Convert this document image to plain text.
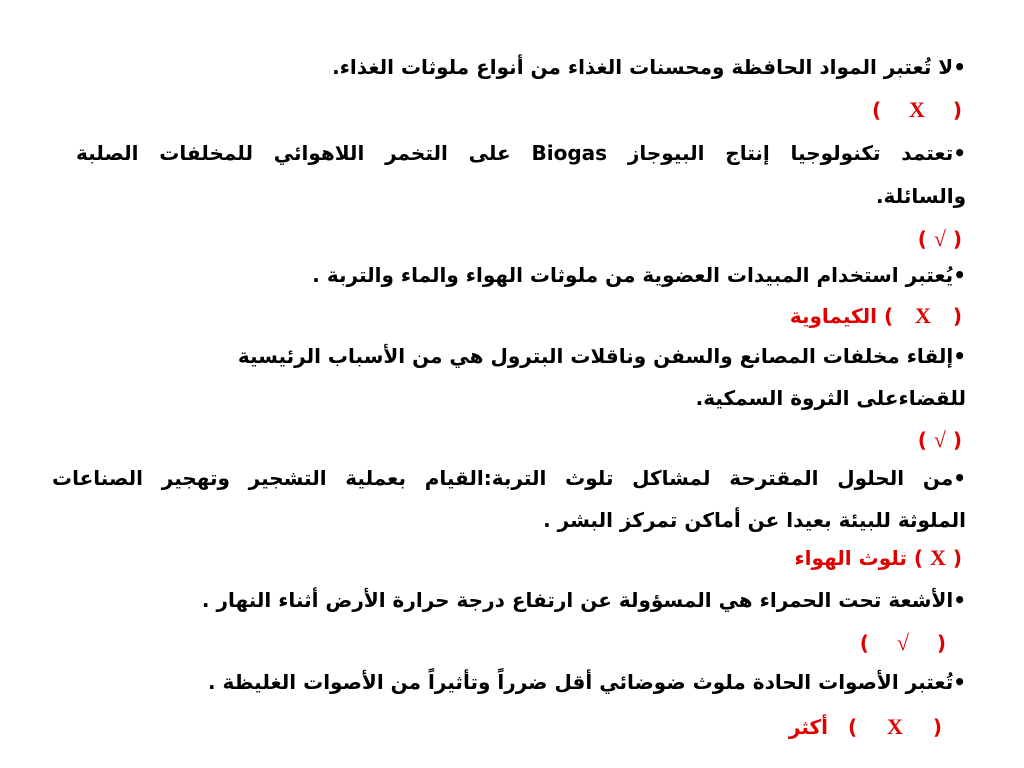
•لا تُعتبر المواد الحافظة ومحسنات الغذاء من أنواع ملوثات الغذاء.
(  X  )
•تعتمد تكنولوجيا إنتاج البيوجاز Biogas على التخمر اللاهوائي للمخلفات الصلبة
والسائلة.
( √ )
•يُعتبر استخدام المبيدات العضوية من ملوثات الهواء والماء والتربة .
(  X  ) الكيماوية
•إلقاء مخلفات المصانع والسفن وناقلات البترول هي من الأسباب الرئيسية
للقضاءعلى الثروة السمكية.
( √ )
•من الحلول المقترحة لمشاكل تلوث التربة:القيام بعملية التشجير وتهجير الصناعات
الملوثة للبيئة بعيدا عن أماكن تمركز البشر .
( X ) تلوث الهواء
•الأشعة تحت الحمراء هي المسؤولة عن ارتفاع درجة حرارة الأرض أثناء النهار .
(  √  )
•تُعتبر الأصوات الحادة ملوث ضوضائي أقل ضرراً وتأثيراً من الأصوات الغليظة .
(  X  )  أكثر
